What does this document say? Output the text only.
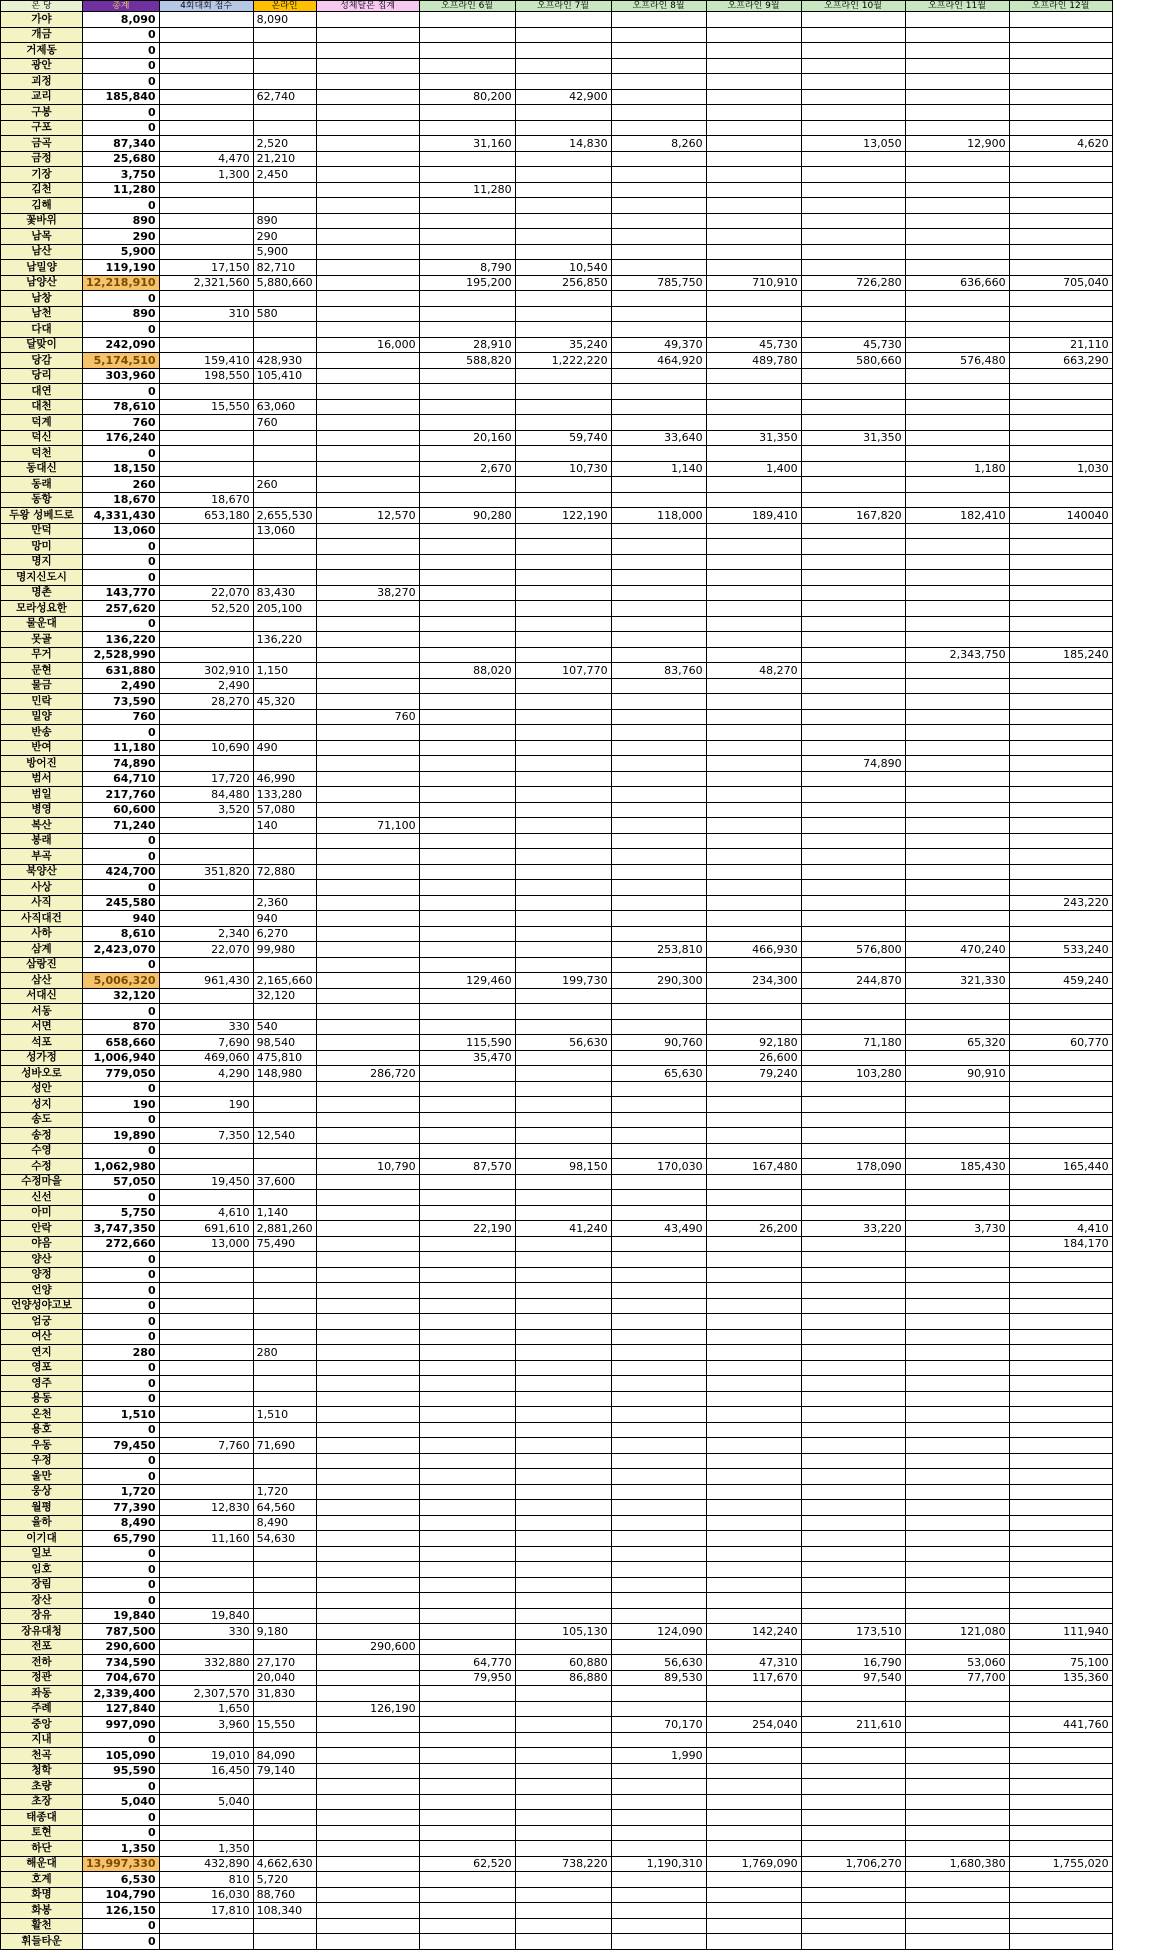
본 당	총계	4회대회 점수	온라인	성체달본 집계	오프라인 6월	오프라인 7월	오프라인 8월	오프라인 9월	오프라인 10월	오프라인 11월	오프라인 12월
가야	8,090		8,090								
개금	0										
거제동	0										
광안	0										
괴정	0										
교리	185,840		62,740		80,200	42,900					
구봉	0										
구포	0										
금곡	87,340		2,520		31,160	14,830	8,260		13,050	12,900	4,620
금정	25,680	4,470	21,210								
기장	3,750	1,300	2,450								
김천	11,280				11,280						
김해	0										
꽃바위	890		890								
남목	290		290								
남산	5,900		5,900								
남밀양	119,190	17,150	82,710		8,790	10,540					
남양산	12,218,910	2,321,560	5,880,660		195,200	256,850	785,750	710,910	726,280	636,660	705,040
남창	0										
남천	890	310	580								
다대	0										
달맞이	242,090			16,000	28,910	35,240	49,370	45,730	45,730		21,110
당감	5,174,510	159,410	428,930		588,820	1,222,220	464,920	489,780	580,660	576,480	663,290
당리	303,960	198,550	105,410								
대연	0										
대천	78,610	15,550	63,060								
덕계	760		760								
덕신	176,240				20,160	59,740	33,640	31,350	31,350		
덕천	0										
동대신	18,150				2,670	10,730	1,140	1,400		1,180	1,030
동래	260		260								
동항	18,670	18,670									
두왕 성베드로	4,331,430	653,180	2,655,530	12,570	90,280	122,190	118,000	189,410	167,820	182,410	140040
만덕	13,060		13,060								
망미	0										
명지	0										
명지신도시	0										
명촌	143,770	22,070	83,430	38,270							
모라성요한	257,620	52,520	205,100								
물운대	0										
못골	136,220		136,220								
무거	2,528,990									2,343,750	185,240
문현	631,880	302,910	1,150		88,020	107,770	83,760	48,270			
물금	2,490	2,490									
민락	73,590	28,270	45,320								
밀양	760			760							
반송	0										
반여	11,180	10,690	490								
방어진	74,890								74,890		
범서	64,710	17,720	46,990								
범일	217,760	84,480	133,280								
병영	60,600	3,520	57,080								
복산	71,240		140	71,100							
봉래	0										
부곡	0										
북양산	424,700	351,820	72,880								
사상	0										
사직	245,580		2,360								243,220
사직대건	940		940								
사하	8,610	2,340	6,270								
삼계	2,423,070	22,070	99,980				253,810	466,930	576,800	470,240	533,240
삼랑진	0										
삼산	5,006,320	961,430	2,165,660		129,460	199,730	290,300	234,300	244,870	321,330	459,240
서대신	32,120		32,120								
서동	0										
서면	870	330	540								
석포	658,660	7,690	98,540		115,590	56,630	90,760	92,180	71,180	65,320	60,770
성가정	1,006,940	469,060	475,810		35,470			26,600			
성바오로	779,050	4,290	148,980	286,720			65,630	79,240	103,280	90,910	
성안	0										
성지	190	190									
송도	0										
송정	19,890	7,350	12,540								
수영	0										
수정	1,062,980			10,790	87,570	98,150	170,030	167,480	178,090	185,430	165,440
수정마을	57,050	19,450	37,600								
신선	0										
아미	5,750	4,610	1,140								
안락	3,747,350	691,610	2,881,260		22,190	41,240	43,490	26,200	33,220	3,730	4,410
야음	272,660	13,000	75,490								184,170
양산	0										
양정	0										
언양	0										
언양성야고보	0										
엄궁	0										
여산	0										
연지	280		280								
영포	0										
영주	0										
용동	0										
온천	1,510		1,510								
용호	0										
우동	79,450	7,760	71,690								
우정	0										
울만	0										
웅상	1,720		1,720								
월평	77,390	12,830	64,560								
율하	8,490		8,490								
이기대	65,790	11,160	54,630								
일보	0										
임호	0										
장림	0										
장산	0										
장유	19,840	19,840									
장유대청	787,500	330	9,180			105,130	124,090	142,240	173,510	121,080	111,940
전포	290,600			290,600							
전하	734,590	332,880	27,170		64,770	60,880	56,630	47,310	16,790	53,060	75,100
정관	704,670		20,040		79,950	86,880	89,530	117,670	97,540	77,700	135,360
좌동	2,339,400	2,307,570	31,830								
주례	127,840	1,650		126,190							
중앙	997,090	3,960	15,550				70,170	254,040	211,610		441,760
지내	0										
천곡	105,090	19,010	84,090				1,990				
청학	95,590	16,450	79,140								
초량	0										
초장	5,040	5,040									
태종대	0										
토현	0										
하단	1,350	1,350									
해운대	13,997,330	432,890	4,662,630		62,520	738,220	1,190,310	1,769,090	1,706,270	1,680,380	1,755,020
호계	6,530	810	5,720								
화명	104,790	16,030	88,760								
화봉	126,150	17,810	108,340								
활천	0										
휘들타운	0										
